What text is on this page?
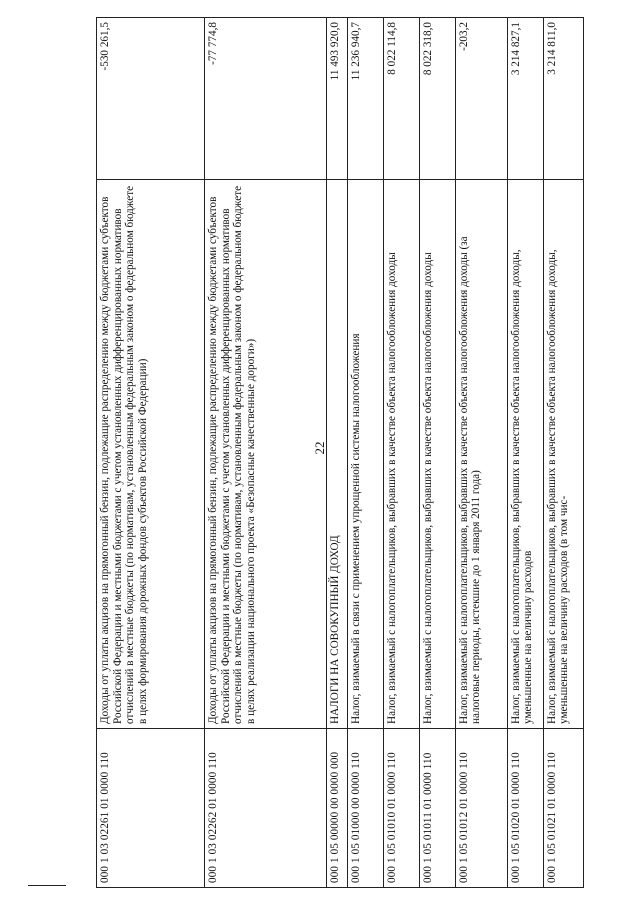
22
000 1 03 02261 01 0000 110	Доходы от уплаты акцизов на прямогонный бензин, подлежащие распределению между бюджетами субъектов Российской Федерации и местными бюджетами с учетом установленных дифференцированных нормативов отчислений в местные бюджеты (по нормативам, установленным федеральным законом о федеральном бюджете в целях формирования дорожных фондов субъектов Российской Федерации)	-530 261,5
000 1 03 02262 01 0000 110	Доходы от уплаты акцизов на прямогонный бензин, подлежащие распределению между бюджетами субъектов Российской Федерации и местными бюджетами с учетом установленных дифференцированных нормативов отчислений в местные бюджеты (по нормативам, установленным федеральным законом о федеральном бюджете в целях реализации национального проекта «Безопасные качественные дороги»)	-77 774,8
000 1 05 00000 00 0000 000	НАЛОГИ НА СОВОКУПНЫЙ ДОХОД	11 493 920,0
000 1 05 01000 00 0000 110	Налог, взимаемый в связи с применением упрощенной системы налогообложения	11 236 940,7
000 1 05 01010 01 0000 110	Налог, взимаемый с налогоплательщиков, выбравших в качестве объекта налогообложения доходы	8 022 114,8
000 1 05 01011 01 0000 110	Налог, взимаемый с налогоплательщиков, выбравших в качестве объекта налогообложения доходы	8 022 318,0
000 1 05 01012 01 0000 110	Налог, взимаемый с налогоплательщиков, выбравших в качестве объекта налогообложения доходы (за налоговые периоды, истекшие до 1 января 2011 года)	-203,2
000 1 05 01020 01 0000 110	Налог, взимаемый с налогоплательщиков, выбравших в качестве объекта налогообложения доходы, уменьшенные на величину расходов	3 214 827,1
000 1 05 01021 01 0000 110	Налог, взимаемый с налогоплательщиков, выбравших в качестве объекта налогообложения доходы, уменьшенные на величину расходов (в том чис-	3 214 811,0
